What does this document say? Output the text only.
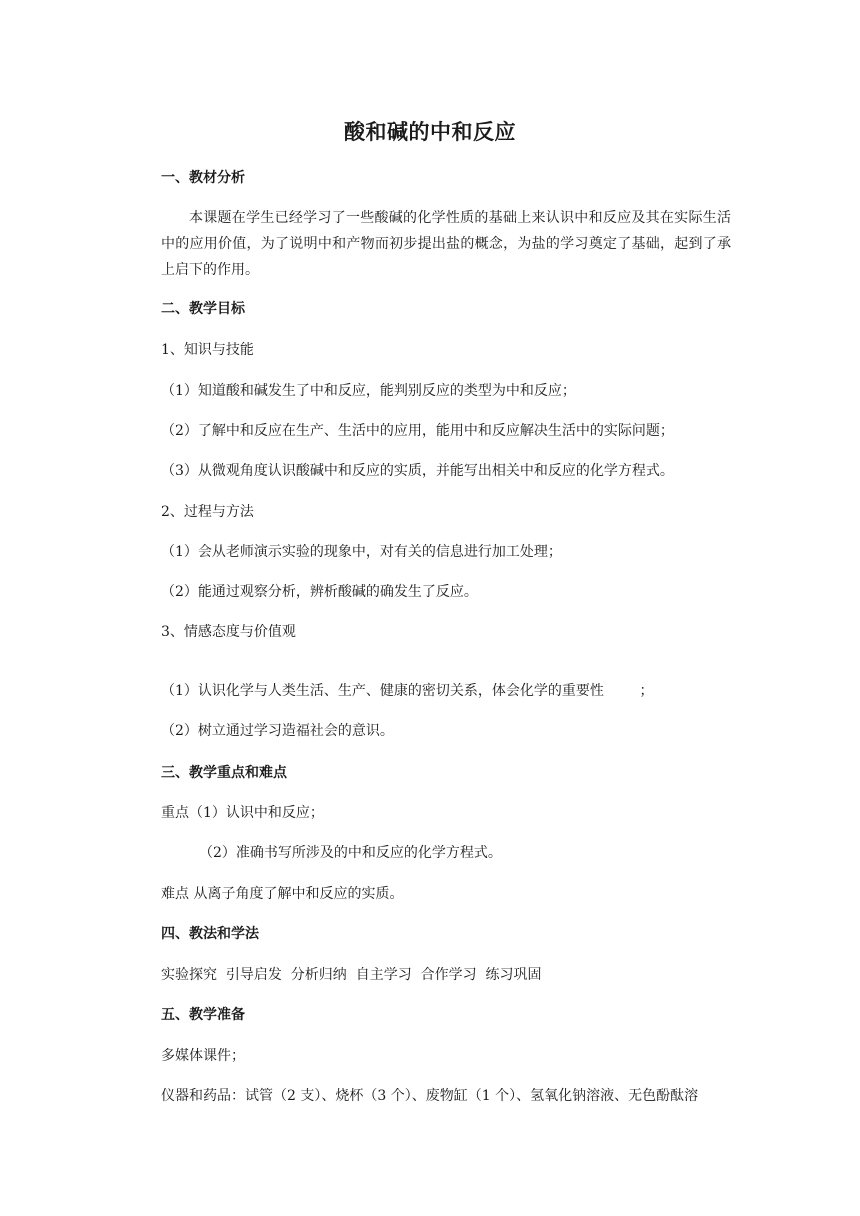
酸和碱的中和反应
一、教材分析
本课题在学生已经学习了一些酸碱的化学性质的基础上来认识中和反应及其在实际生活中的应用价值，为了说明中和产物而初步提出盐的概念，为盐的学习奠定了基础，起到了承上启下的作用。
二、教学目标
1、知识与技能
（1）知道酸和碱发生了中和反应，能判别反应的类型为中和反应；
（2）了解中和反应在生产、生活中的应用，能用中和反应解决生活中的实际问题；
（3）从微观角度认识酸碱中和反应的实质，并能写出相关中和反应的化学方程式。
2、过程与方法
（1）会从老师演示实验的现象中，对有关的信息进行加工处理；
（2）能通过观察分析，辨析酸碱的确发生了反应。
3、情感态度与价值观
（1）认识化学与人类生活、生产、健康的密切关系，体会化学的重要性        ；
（2）树立通过学习造福社会的意识。
三、教学重点和难点
重点（1）认识中和反应；
（2）准确书写所涉及的中和反应的化学方程式。
难点 从离子角度了解中和反应的实质。
四、教法和学法
实验探究  引导启发  分析归纳  自主学习  合作学习  练习巩固
五、教学准备
多媒体课件；
仪器和药品：试管（2 支）、烧杯（3 个）、废物缸（1 个）、氢氧化钠溶液、无色酚酞溶
